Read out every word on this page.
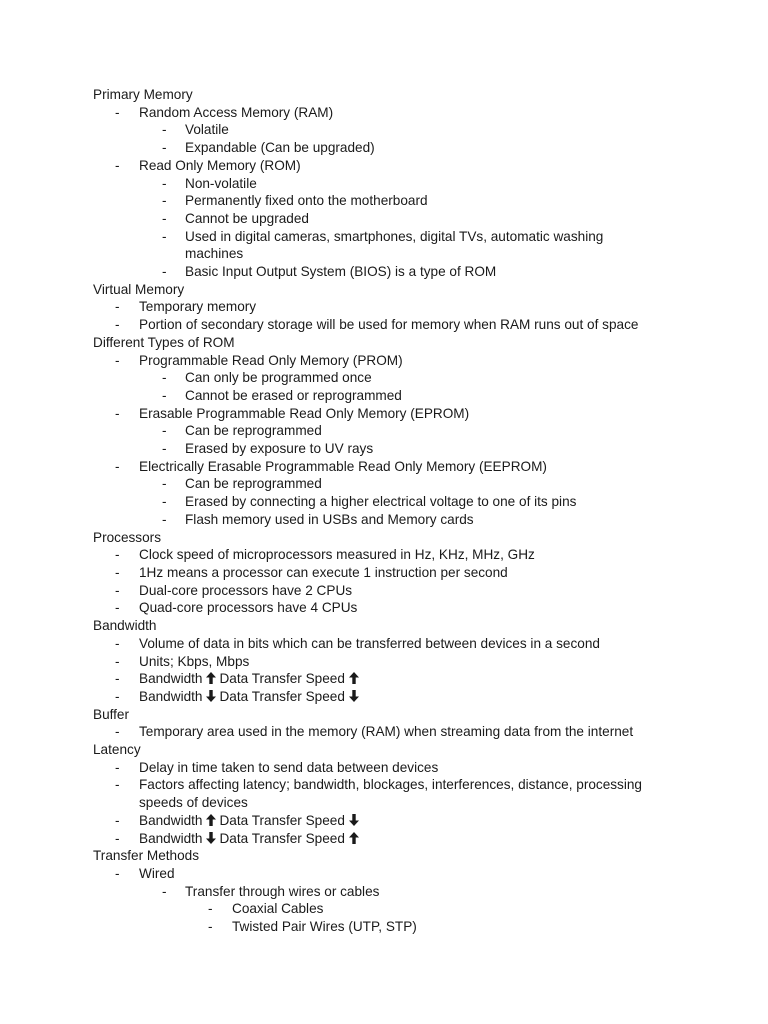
Primary Memory
-	Random Access Memory (RAM)
-	Volatile
-	Expandable (Can be upgraded)
-	Read Only Memory (ROM)
-	Non-volatile
-	Permanently fixed onto the motherboard
-	Cannot be upgraded
-	Used in digital cameras, smartphones, digital TVs, automatic washing machines
-	Basic Input Output System (BIOS) is a type of ROM
Virtual Memory
-	Temporary memory
-	Portion of secondary storage will be used for memory when RAM runs out of space
Different Types of ROM
-	Programmable Read Only Memory (PROM)
-	Can only be programmed once
-	Cannot be erased or reprogrammed
-	Erasable Programmable Read Only Memory (EPROM)
-	Can be reprogrammed
-	Erased by exposure to UV rays
-	Electrically Erasable Programmable Read Only Memory (EEPROM)
-	Can be reprogrammed
-	Erased by connecting a higher electrical voltage to one of its pins
-	Flash memory used in USBs and Memory cards
Processors
-	Clock speed of microprocessors measured in Hz, KHz, MHz, GHz
-	1Hz means a processor can execute 1 instruction per second
-	Dual-core processors have 2 CPUs
-	Quad-core processors have 4 CPUs
Bandwidth
-	Volume of data in bits which can be transferred between devices in a second
-	Units; Kbps, Mbps
-	Bandwidth Data Transfer Speed
-	Bandwidth Data Transfer Speed
Buffer
-	Temporary area used in the memory (RAM) when streaming data from the internet
Latency
-	Delay in time taken to send data between devices
-	Factors affecting latency; bandwidth, blockages, interferences, distance, processing speeds of devices
-	Bandwidth Data Transfer Speed
-	Bandwidth Data Transfer Speed
Transfer Methods
-	Wired
-	Transfer through wires or cables
-	Coaxial Cables
-	Twisted Pair Wires (UTP, STP)
